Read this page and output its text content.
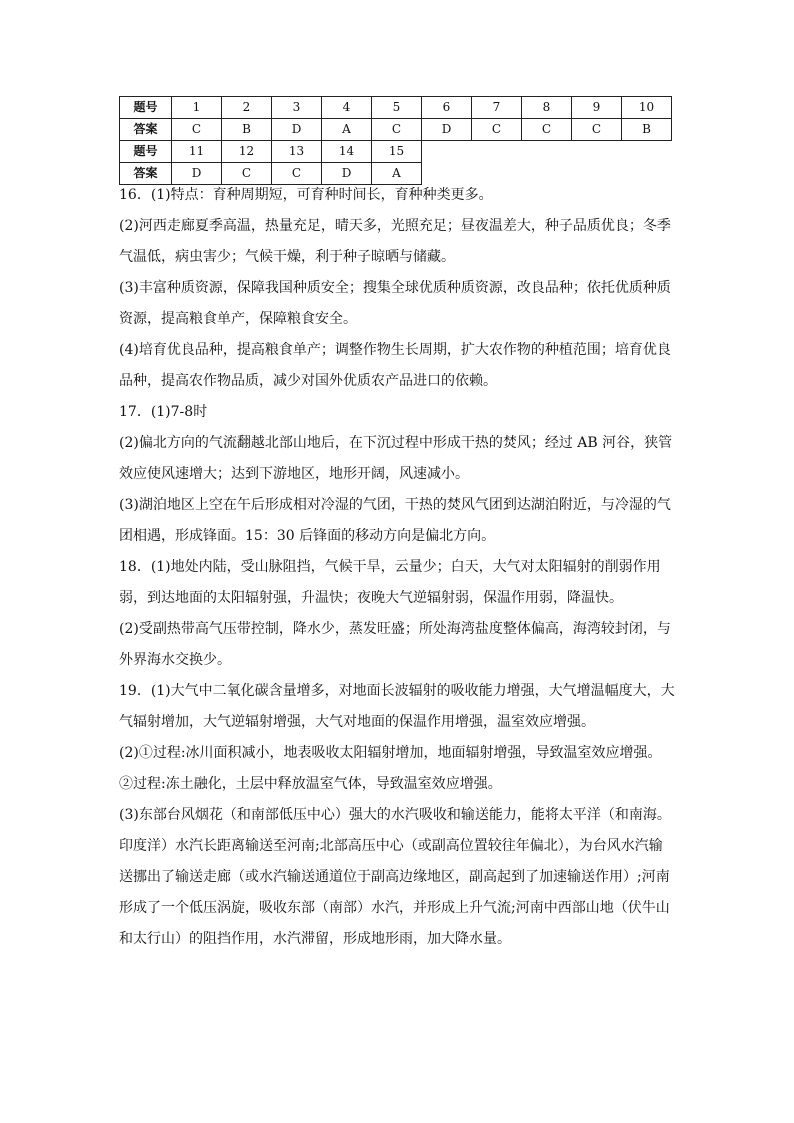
题号	1	2	3	4	5	6	7	8	9	10
答案	C	B	D	A	C	D	C	C	C	B
题号	11	12	13	14	15					
答案	D	C	C	D	A					
16．(1)特点：育种周期短，可育种时间长，育种种类更多。
(2)河西走廊夏季高温，热量充足，晴天多，光照充足；昼夜温差大，种子品质优良；冬季
气温低，病虫害少；气候干燥，利于种子晾晒与储藏。
(3)丰富种质资源，保障我国种质安全；搜集全球优质种质资源，改良品种；依托优质种质
资源，提高粮食单产，保障粮食安全。
(4)培育优良品种，提高粮食单产；调整作物生长周期，扩大农作物的种植范围；培育优良
品种，提高农作物品质，减少对国外优质农产品进口的依赖。
17．(1)7-8时
(2)偏北方向的气流翻越北部山地后，在下沉过程中形成干热的焚风；经过 AB 河谷，狭管
效应使风速增大；达到下游地区，地形开阔，风速减小。
(3)湖泊地区上空在午后形成相对冷湿的气团，干热的焚风气团到达湖泊附近，与冷湿的气
团相遇，形成锋面。15：30 后锋面的移动方向是偏北方向。
18．(1)地处内陆，受山脉阻挡，气候干旱，云量少；白天，大气对太阳辐射的削弱作用
弱，到达地面的太阳辐射强，升温快；夜晚大气逆辐射弱，保温作用弱，降温快。
(2)受副热带高气压带控制，降水少，蒸发旺盛；所处海湾盐度整体偏高，海湾较封闭，与
外界海水交换少。
19．(1)大气中二氧化碳含量增多，对地面长波辐射的吸收能力增强，大气增温幅度大，大
气辐射增加，大气逆辐射增强，大气对地面的保温作用增强，温室效应增强。
(2)①过程:冰川面积减小，地表吸收太阳辐射增加，地面辐射增强，导致温室效应增强。
②过程:冻土融化，土层中释放温室气体，导致温室效应增强。
(3)东部台风烟花（和南部低压中心）强大的水汽吸收和输送能力，能将太平洋（和南海。
印度洋）水汽长距离输送至河南;北部高压中心（或副高位置较往年偏北），为台风水汽输
送挪出了输送走廊（或水汽输送通道位于副高边缘地区，副高起到了加速输送作用）;河南
形成了一个低压涡旋，吸收东部（南部）水汽，并形成上升气流;河南中西部山地（伏牛山
和太行山）的阻挡作用，水汽滞留，形成地形雨，加大降水量。
